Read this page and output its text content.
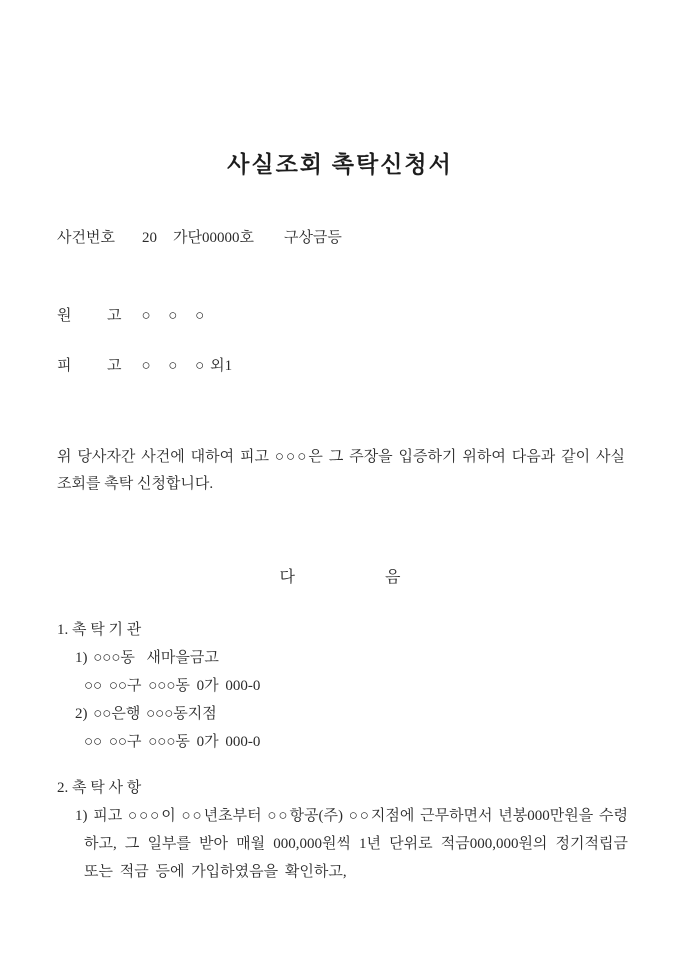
사실조회 촉탁신청서
사건번호 20 가단00000호 구상금등
원  고 ○ ○ ○
피  고 ○ ○ ○ 외1
위 당사자간 사건에 대하여 피고 ○○○은 그 주장을 입증하기 위하여 다음과 같이 사실
조회를 촉탁 신청합니다.
다	음
1. 촉 탁 기 관
1) ○○○동  새마을금고
○○ ○○구 ○○○동 0가 000-0
2) ○○은행 ○○○동지점
○○ ○○구 ○○○동 0가 000-0
2. 촉 탁 사 항
1) 피고 ○○○이 ○○년초부터 ○○항공(주) ○○지점에 근무하면서 년봉000만원을 수령
하고, 그 일부를 받아 매월 000,000원씩 1년 단위로 적금000,000원의 정기적립금
또는 적금 등에 가입하였음을 확인하고,
